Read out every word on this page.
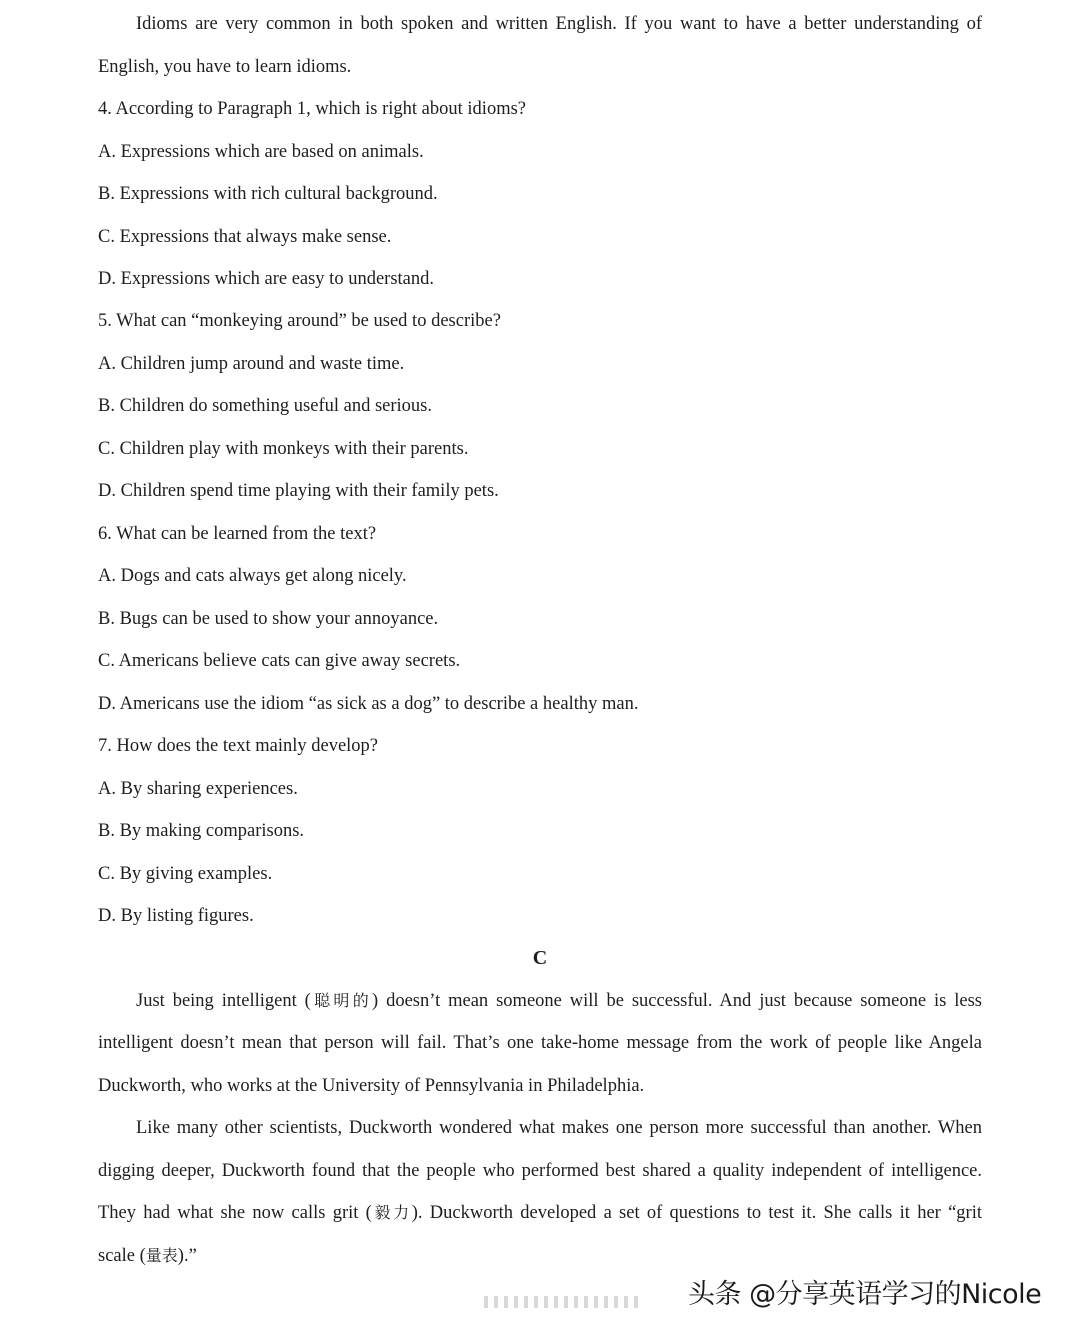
Idioms are very common in both spoken and written English. If you want to have a better understanding of
English, you have to learn idioms.
4. According to Paragraph 1, which is right about idioms?
A. Expressions which are based on animals.
B. Expressions with rich cultural background.
C. Expressions that always make sense.
D. Expressions which are easy to understand.
5. What can “monkeying around” be used to describe?
A. Children jump around and waste time.
B. Children do something useful and serious.
C. Children play with monkeys with their parents.
D. Children spend time playing with their family pets.
6. What can be learned from the text?
A. Dogs and cats always get along nicely.
B. Bugs can be used to show your annoyance.
C. Americans believe cats can give away secrets.
D. Americans use the idiom “as sick as a dog” to describe a healthy man.
7. How does the text mainly develop?
A. By sharing experiences.
B. By making comparisons.
C. By giving examples.
D. By listing figures.
C
Just being intelligent (聪明的) doesn’t mean someone will be successful. And just because someone is less
intelligent doesn’t mean that person will fail. That’s one take-home message from the work of people like Angela
Duckworth, who works at the University of Pennsylvania in Philadelphia.
Like many other scientists, Duckworth wondered what makes one person more successful than another. When
digging deeper, Duckworth found that the people who performed best shared a quality independent of intelligence.
They had what she now calls grit (毅力). Duckworth developed a set of questions to test it. She calls it her “grit
scale (量表).”
头条 @分享英语学习的Nicole
